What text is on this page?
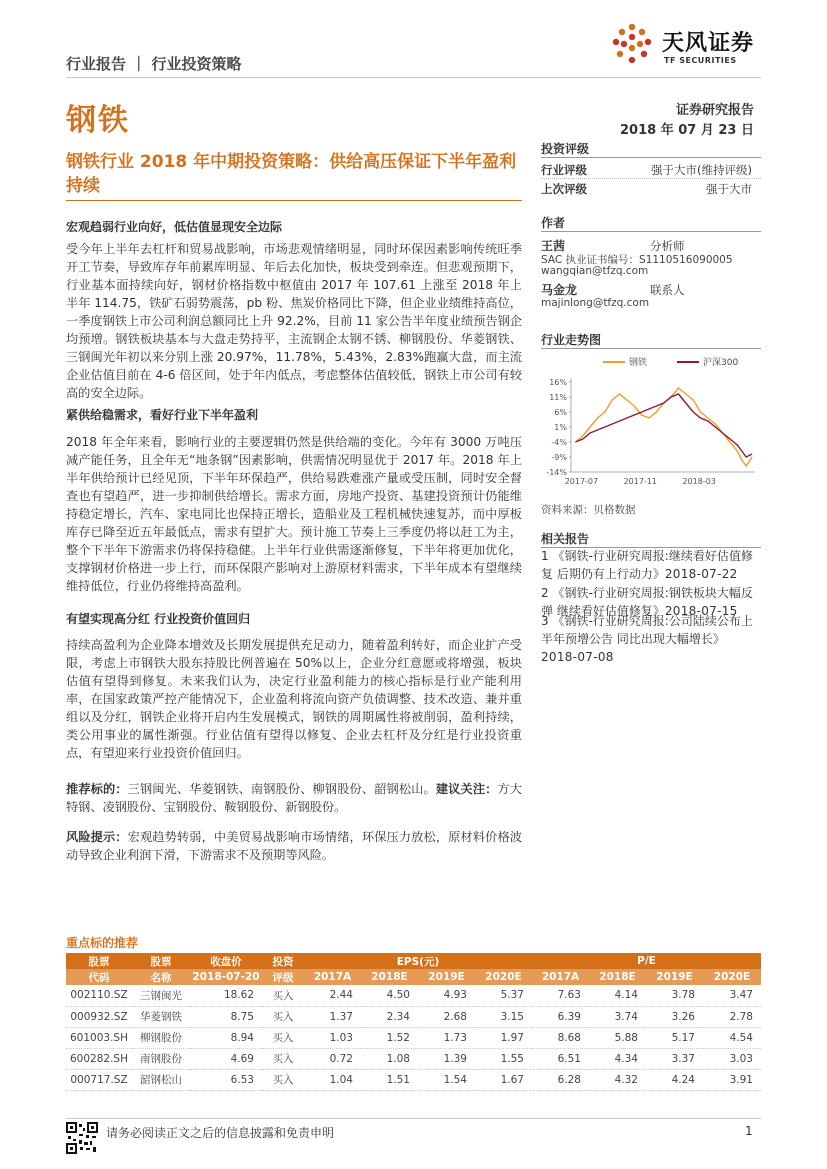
天风证券
TF SECURITIES
行业报告 ｜ 行业投资策略
钢铁	证券研究报告
2018 年 07 月 23 日
钢铁行业 2018 年中期投资策略：供给高压保证下半年盈利持续
宏观趋弱行业向好，低估值显现安全边际
受今年上半年去杠杆和贸易战影响，市场悲观情绪明显，同时环保因素影响传统旺季开工节奏，导致库存年前累库明显、年后去化加快，板块受到牵连。但悲观预期下，行业基本面持续向好，钢材价格指数中枢值由 2017 年 107.61 上涨至 2018 年上半年 114.75，铁矿石弱势震荡，pb 粉、焦炭价格同比下降，但企业业绩维持高位，一季度钢铁上市公司利润总额同比上升 92.2%，目前 11 家公告半年度业绩预告钢企均预增。钢铁板块基本与大盘走势持平，主流钢企太钢不锈、柳钢股份、华菱钢铁、三钢闽光年初以来分别上涨 20.97%，11.78%，5.43%，2.83%跑赢大盘，而主流企业估值目前在 4-6 倍区间，处于年内低点，考虑整体估值较低，钢铁上市公司有较高的安全边际。
紧供给稳需求，看好行业下半年盈利
2018 年全年来看，影响行业的主要逻辑仍然是供给端的变化。今年有 3000 万吨压减产能任务，且全年无“地条钢”因素影响，供需情况明显优于 2017 年。2018 年上半年供给预计已经见顶，下半年环保趋严，供给易跌难涨产量或受压制，同时安全督查也有望趋严，进一步抑制供给增长。需求方面，房地产投资、基建投资预计仍能维持稳定增长，汽车、家电同比也保持正增长，造船业及工程机械快速复苏，而中厚板库存已降至近五年最低点，需求有望扩大。预计施工节奏上三季度仍将以赶工为主，整个下半年下游需求仍将保持稳健。上半年行业供需逐渐修复，下半年将更加优化，支撑钢材价格进一步上行，而环保限产影响对上游原材料需求，下半年成本有望继续维持低位，行业仍将维持高盈利。
有望实现高分红 行业投资价值回归
持续高盈利为企业降本增效及长期发展提供充足动力，随着盈利转好，而企业扩产受限，考虑上市钢铁大股东持股比例普遍在 50%以上，企业分红意愿或将增强，板块估值有望得到修复。未来我们认为，决定行业盈利能力的核心指标是行业产能利用率，在国家政策严控产能情况下，企业盈利将流向资产负债调整、技术改造、兼并重组以及分红，钢铁企业将开启内生发展模式，钢铁的周期属性将被削弱，盈利持续，类公用事业的属性渐强。行业估值有望得以修复、企业去杠杆及分红是行业投资重点，有望迎来行业投资价值回归。
推荐标的：三钢闽光、华菱钢铁、南钢股份、柳钢股份、韶钢松山。建议关注：方大特钢、凌钢股份、宝钢股份、鞍钢股份、新钢股份。
风险提示：宏观趋势转弱，中美贸易战影响市场情绪，环保压力放松，原材料价格波动导致企业利润下滑，下游需求不及预期等风险。
投资评级
行业评级	强于大市(维持评级)
上次评级	强于大市
作者
王茜	分析师
SAC 执业证书编号：S1110516090005
wangqian@tfzq.com
马金龙	联系人
majinlong@tfzq.com
行业走势图
16%
11%
6%
1%
-4%
-9%
-14%
2017-07	2017-11	2018-03
钢铁	沪深300
资料来源：贝格数据
相关报告
1 《钢铁-行业研究周报:继续看好估值修复 后期仍有上行动力》2018-07-22
2 《钢铁-行业研究周报:钢铁板块大幅反弹 继续看好估值修复》2018-07-15
3 《钢铁-行业研究周报:公司陆续公布上半年预增公告 同比出现大幅增长》
2018-07-08
重点标的推荐
股票	股票	收盘价	投资	EPS(元)				P/E			
代码	名称	2018-07-20	评级	2017A	2018E	2019E	2020E	2017A	2018E	2019E	2020E
002110.SZ	三钢闽光	18.62	买入	2.44	4.50	4.93	5.37	7.63	4.14	3.78	3.47
000932.SZ	华菱钢铁	8.75	买入	1.37	2.34	2.68	3.15	6.39	3.74	3.26	2.78
601003.SH	柳钢股份	8.94	买入	1.03	1.52	1.73	1.97	8.68	5.88	5.17	4.54
600282.SH	南钢股份	4.69	买入	0.72	1.08	1.39	1.55	6.51	4.34	3.37	3.03
000717.SZ	韶钢松山	6.53	买入	1.04	1.51	1.54	1.67	6.28	4.32	4.24	3.91
请务必阅读正文之后的信息披露和免责申明	1
